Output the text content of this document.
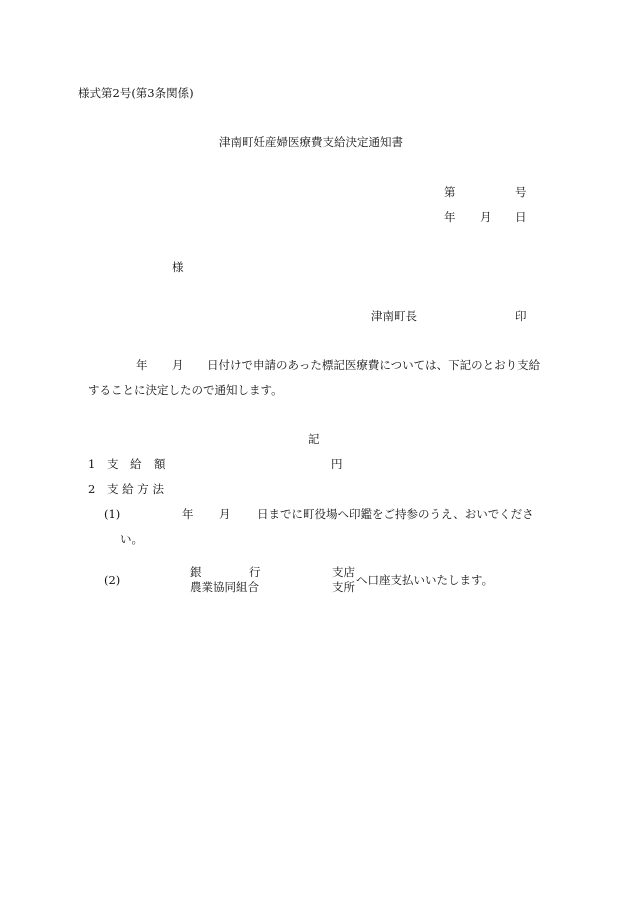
様式第2号(第3条関係)
津南町妊産婦医療費支給決定通知書
第	号
年 月 日
様
津南町長	印
年 月 日付けで申請のあった標記医療費については、下記のとおり支給
することに決定したので通知します。
記
1 支 給 額	円
2 支 給 方 法
(1)	年 月 日までに町役場へ印鑑をご持参のうえ、おいでくださ
い。
(2)
銀	行
農業協同組合
支店
支所 へ口座支払いいたします。
